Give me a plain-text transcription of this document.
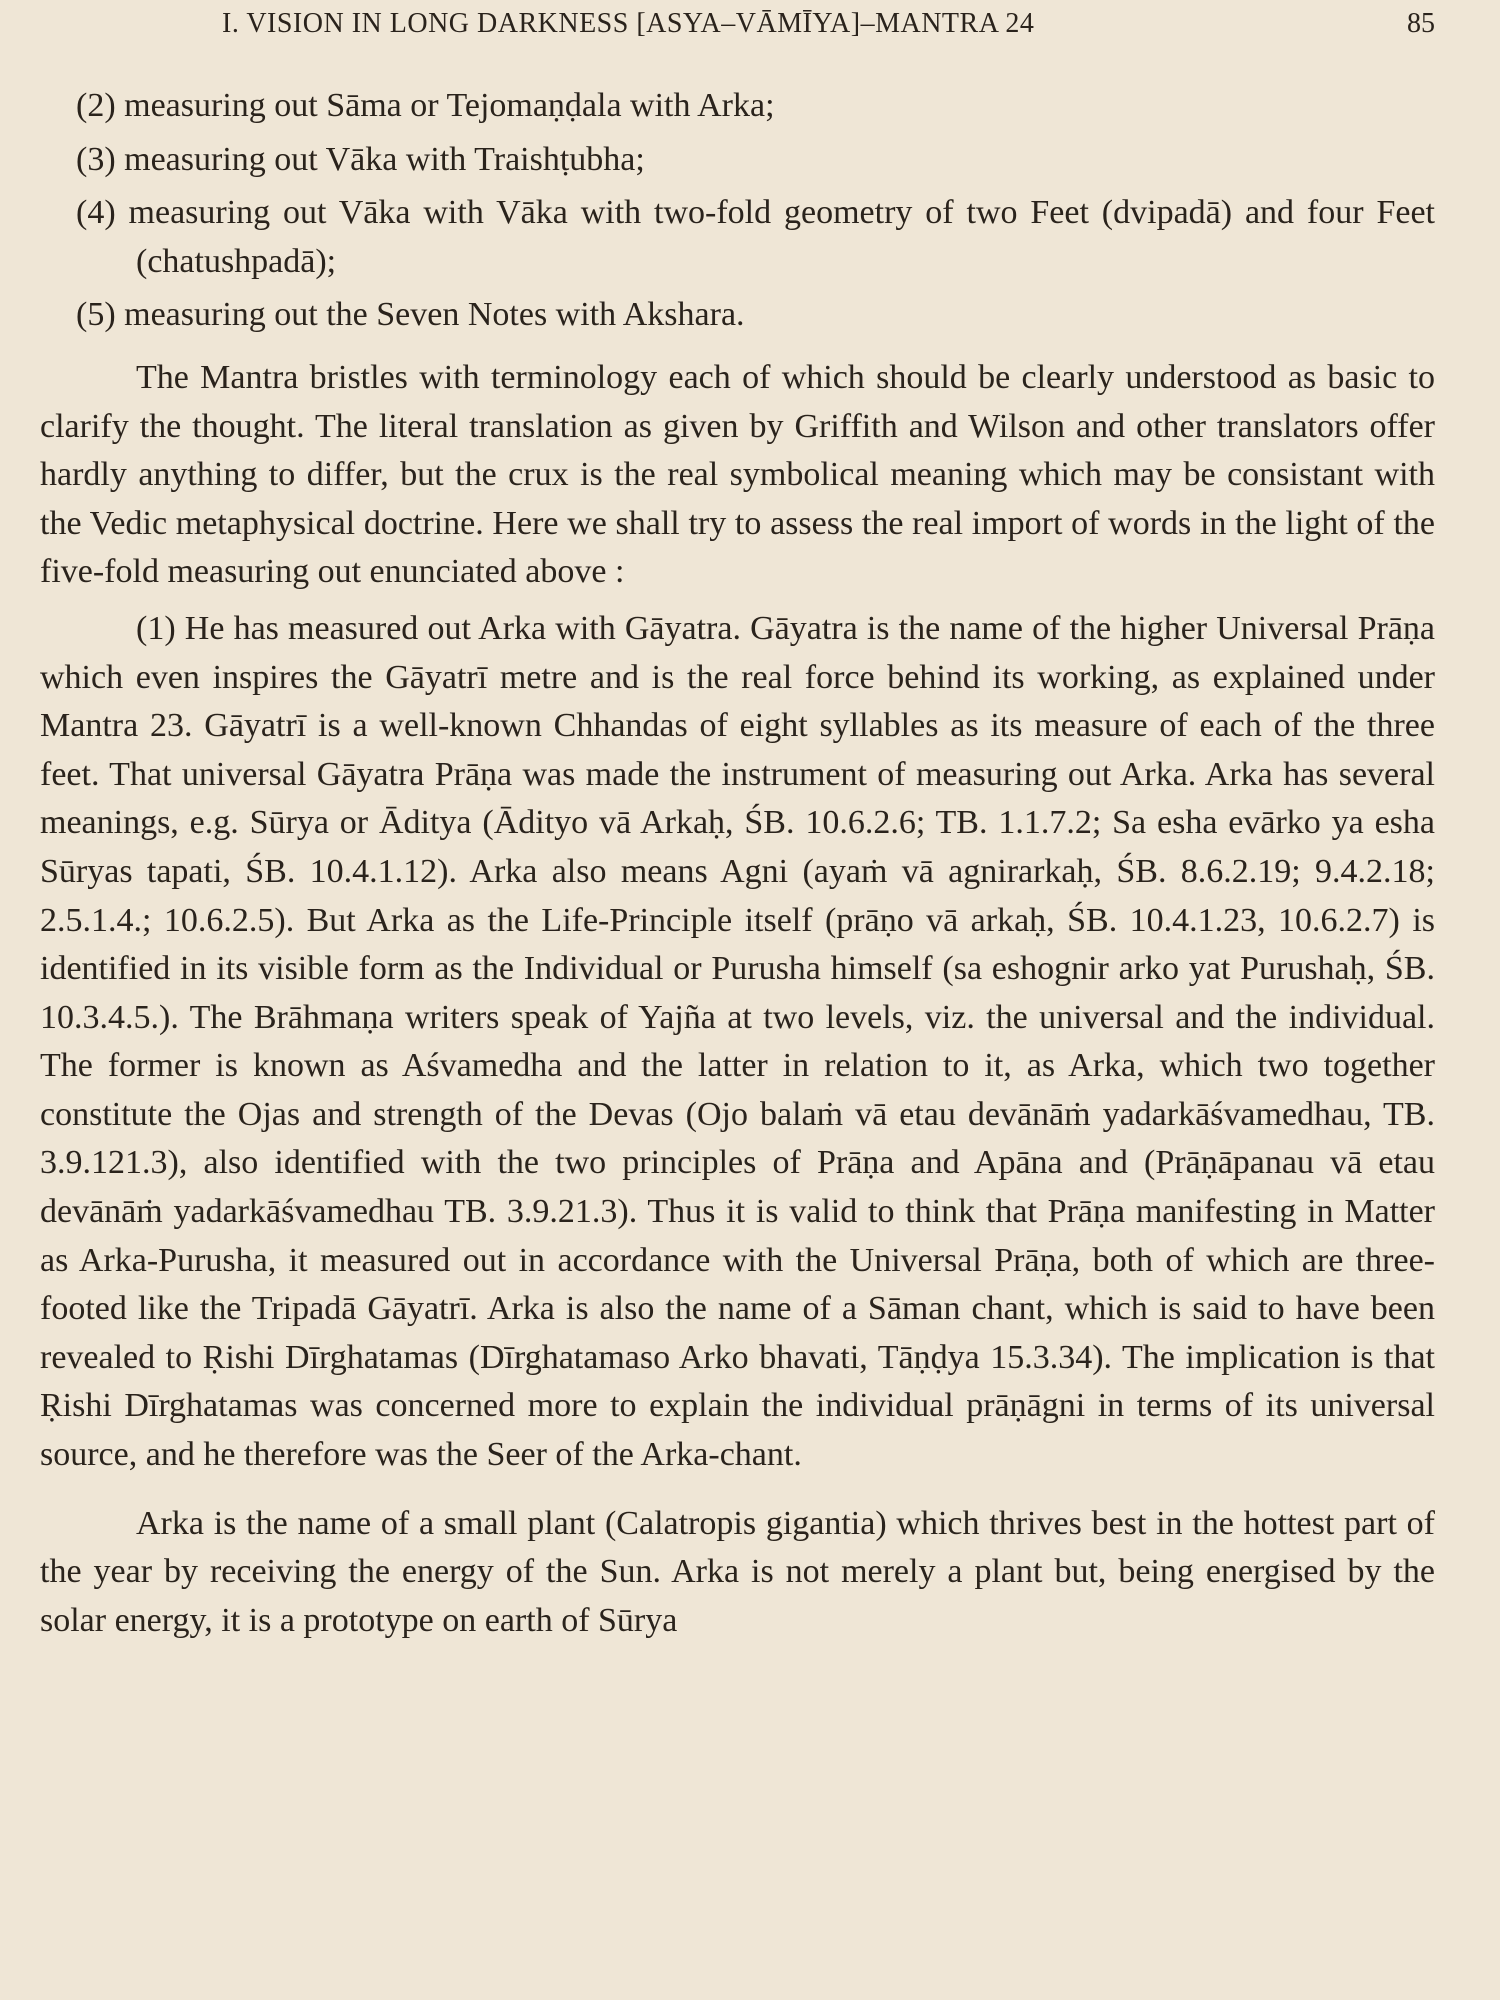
I. VISION IN LONG DARKNESS [ASYA–VĀMĪYA]–MANTRA 24	85

(2) measuring out Sāma or Tejomaṇḍala with Arka;

(3) measuring out Vāka with Traishṭubha;

(4) measuring out Vāka with Vāka with two-fold geometry of two Feet (dvipadā) and four Feet (chatushpadā);

(5) measuring out the Seven Notes with Akshara.

The Mantra bristles with terminology each of which should be clearly understood as basic to clarify the thought. The literal translation as given by Griffith and Wilson and other translators offer hardly anything to differ, but the crux is the real symbolical meaning which may be consistant with the Vedic metaphysical doctrine. Here we shall try to assess the real import of words in the light of the five-fold measuring out enunciated above :

(1) He has measured out Arka with Gāyatra. Gāyatra is the name of the higher Universal Prāṇa which even inspires the Gāyatrī metre and is the real force behind its working, as explained under Mantra 23. Gāyatrī is a well-known Chhandas of eight syllables as its measure of each of the three feet. That universal Gāyatra Prāṇa was made the instrument of measuring out Arka. Arka has several meanings, e.g. Sūrya or Āditya (Ādityo vā Arkaḥ, ŚB. 10.6.2.6; TB. 1.1.7.2; Sa esha evārko ya esha Sūryas tapati, ŚB. 10.4.1.12). Arka also means Agni (ayaṁ vā agnirarkaḥ, ŚB. 8.6.2.19; 9.4.2.18; 2.5.1.4.; 10.6.2.5). But Arka as the Life-Principle itself (prāṇo vā arkaḥ, ŚB. 10.4.1.23, 10.6.2.7) is identified in its visible form as the Individual or Purusha himself (sa eshognir arko yat Purushaḥ, ŚB. 10.3.4.5.). The Brāhmaṇa writers speak of Yajña at two levels, viz. the universal and the individual. The former is known as Aśvamedha and the latter in relation to it, as Arka, which two together constitute the Ojas and strength of the Devas (Ojo balaṁ vā etau devānāṁ yadarkāśvamedhau, TB. 3.9.121.3), also identified with the two principles of Prāṇa and Apāna and (Prāṇāpanau vā etau devānāṁ yadarkāśvamedhau TB. 3.9.21.3). Thus it is valid to think that Prāṇa manifesting in Matter as Arka-Purusha, it measured out in accordance with the Universal Prāṇa, both of which are three-footed like the Tripadā Gāyatrī. Arka is also the name of a Sāman chant, which is said to have been revealed to Ṛishi Dīrghatamas (Dīrghatamaso Arko bhavati, Tāṇḍya 15.3.34). The implication is that Ṛishi Dīrghatamas was concerned more to explain the individual prāṇāgni in terms of its universal source, and he therefore was the Seer of the Arka-chant.

Arka is the name of a small plant (Calatropis gigantia) which thrives best in the hottest part of the year by receiving the energy of the Sun. Arka is not merely a plant but, being energised by the solar energy, it is a prototype on earth of Sūrya
